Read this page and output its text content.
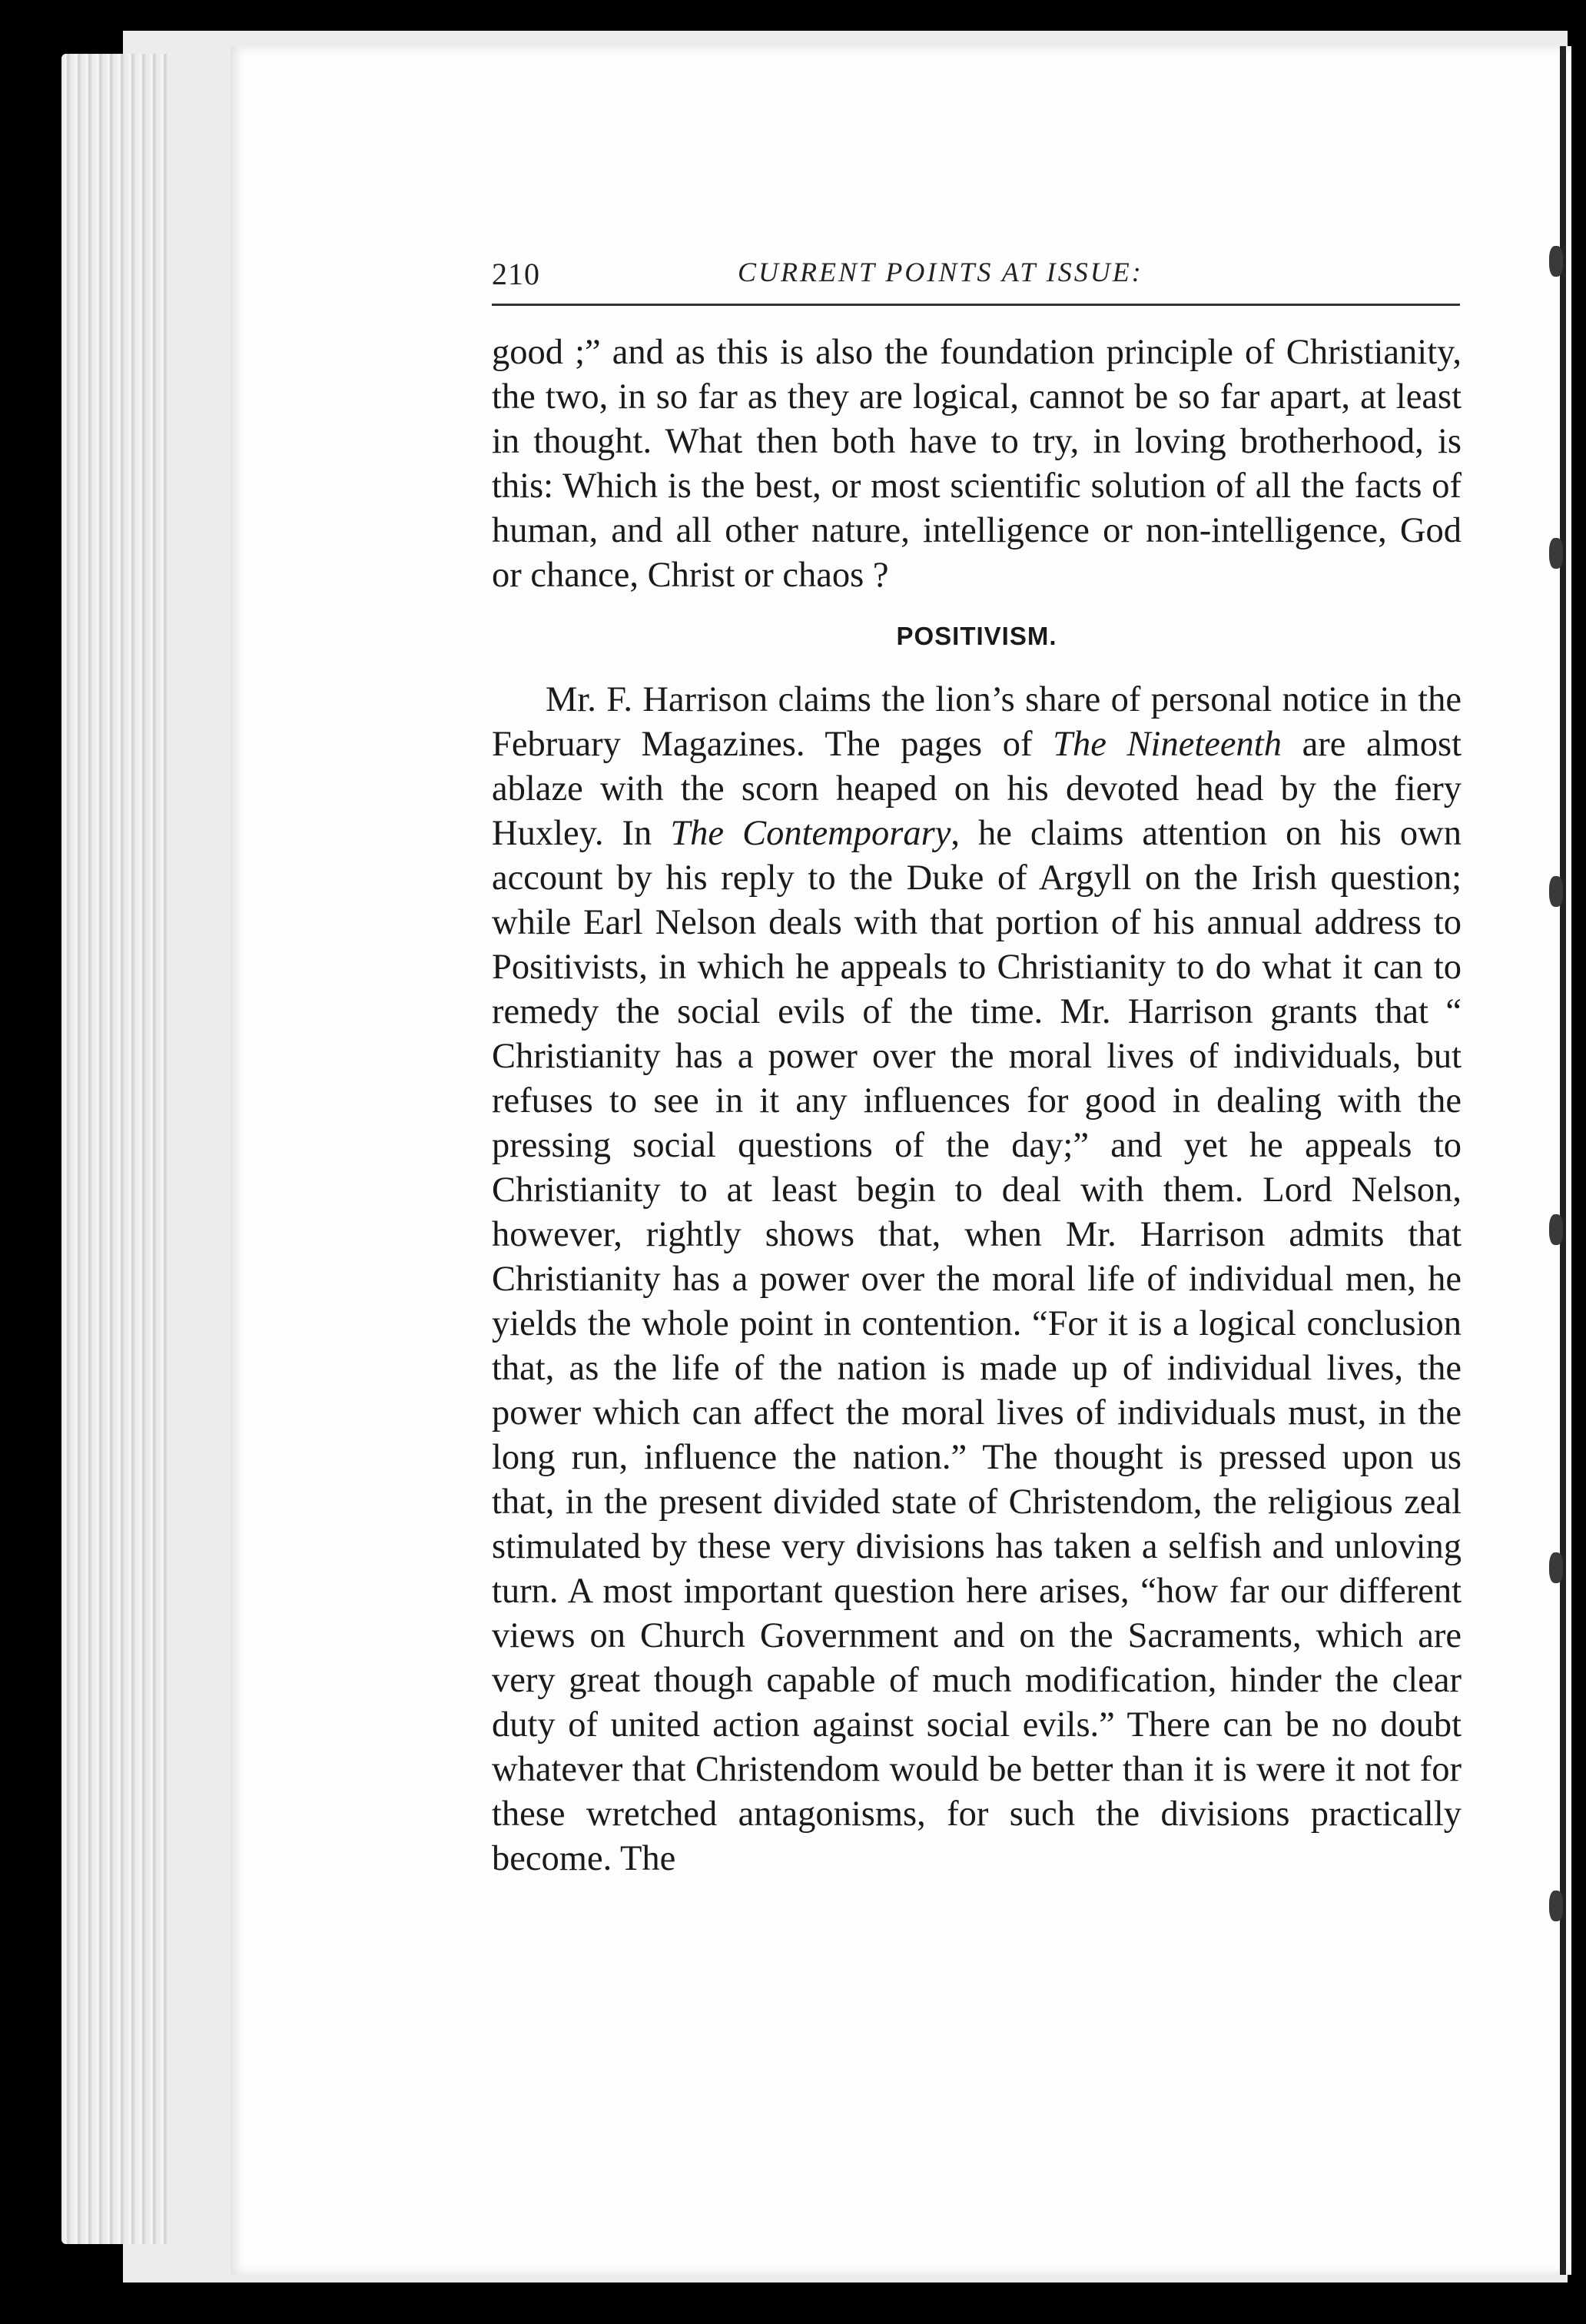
210	CURRENT POINTS AT ISSUE:

good ;” and as this is also the foundation principle of Christianity, the two, in so far as they are logical, cannot be so far apart, at least in thought. What then both have to try, in loving brotherhood, is this: Which is the best, or most scientific solution of all the facts of human, and all other nature, intelligence or non-intelligence, God or chance, Christ or chaos ?

POSITIVISM.

Mr. F. Harrison claims the lion’s share of personal notice in the February Magazines. The pages of The Nineteenth are almost ablaze with the scorn heaped on his devoted head by the fiery Huxley. In The Contemporary, he claims attention on his own account by his reply to the Duke of Argyll on the Irish question; while Earl Nelson deals with that portion of his annual address to Positivists, in which he appeals to Christianity to do what it can to remedy the social evils of the time. Mr. Harrison grants that “ Christianity has a power over the moral lives of individuals, but refuses to see in it any influences for good in dealing with the pressing social questions of the day;” and yet he appeals to Christianity to at least begin to deal with them. Lord Nelson, however, rightly shows that, when Mr. Harrison admits that Christianity has a power over the moral life of individual men, he yields the whole point in contention. “For it is a logical conclusion that, as the life of the nation is made up of individual lives, the power which can affect the moral lives of individuals must, in the long run, influence the nation.” The thought is pressed upon us that, in the present divided state of Christendom, the religious zeal stimulated by these very divisions has taken a selfish and unloving turn. A most important question here arises, “how far our different views on Church Government and on the Sacraments, which are very great though capable of much modification, hinder the clear duty of united action against social evils.” There can be no doubt whatever that Christendom would be better than it is were it not for these wretched antagonisms, for such the divisions practically become. The
